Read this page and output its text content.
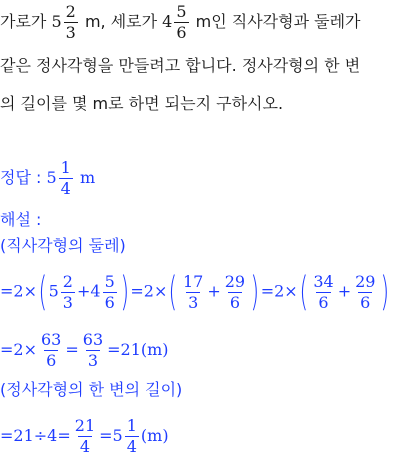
가로가 $5 \frac{2}{3} m$, 세로가 $4 \frac{5}{6}$ m인 직사각형과 둘레가
같은 정사각형을 만들려고 합니다. 정사각형의 한 변
의 길이를 몇 m로 하면 되는지 구하시오.
정답 : $5 \frac{1}{4}$ m
해설 :
(직사각형의 둘레)
$=2\times(5 \frac{2}{3} +4 \frac{5}{6} )=2\times( \frac{17}{3} + \frac{29}{6} )=2\times( \frac{34}{6} + \frac{29}{6}$ )
$=2\times \frac{63}{6} = \frac{63}{3} =21(m)$
(정사각형의 한 변의 길이)
$=21\div 4= \frac{21}{4} =5 \frac{1}{4} (m)$
